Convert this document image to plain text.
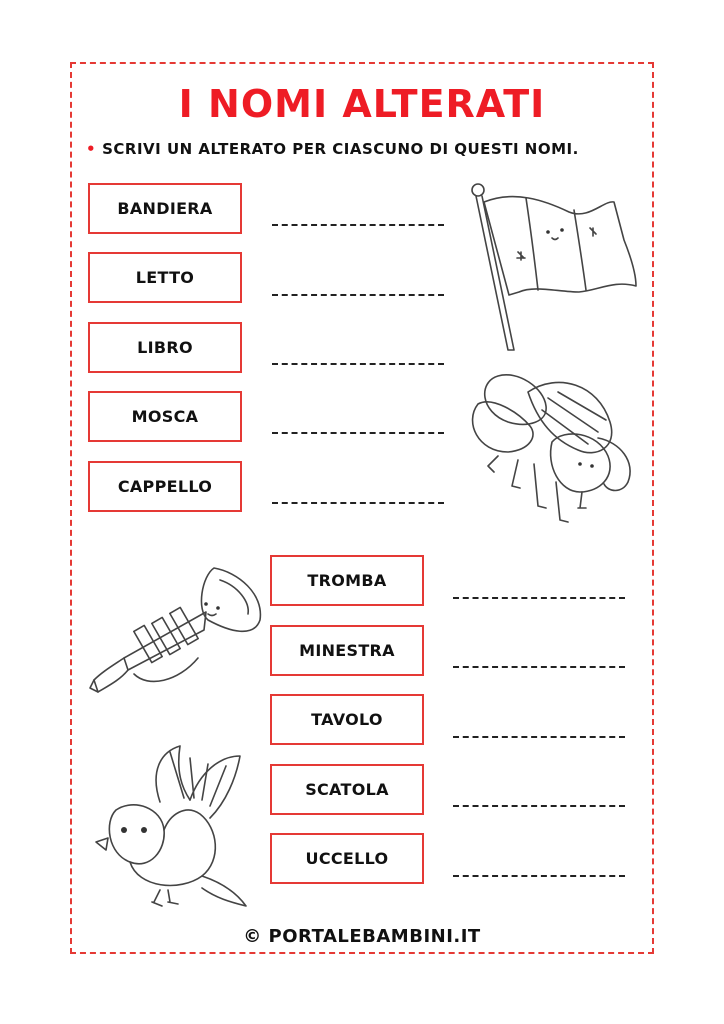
I NOMI ALTERATI
• SCRIVI UN ALTERATO PER CIASCUNO DI QUESTI NOMI.
BANDIERA
LETTO
LIBRO
MOSCA
CAPPELLO
TROMBA
MINESTRA
TAVOLO
SCATOLA
UCCELLO
© PORTALEBAMBINI.IT
